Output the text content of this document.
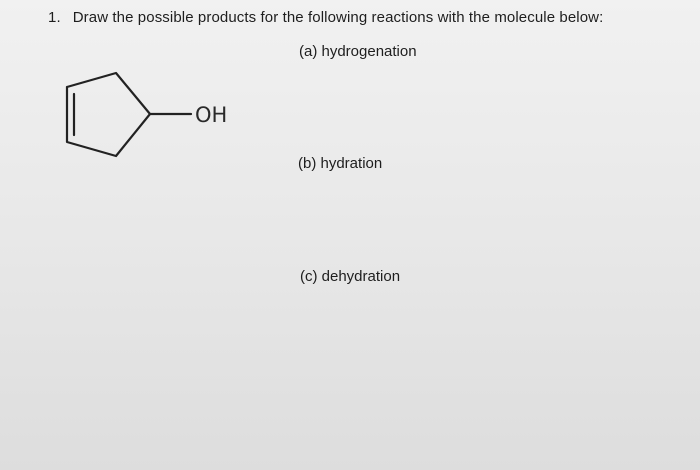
1. Draw the possible products for the following reactions with the molecule below:
OH
(a) hydrogenation
(b) hydration
(c) dehydration
